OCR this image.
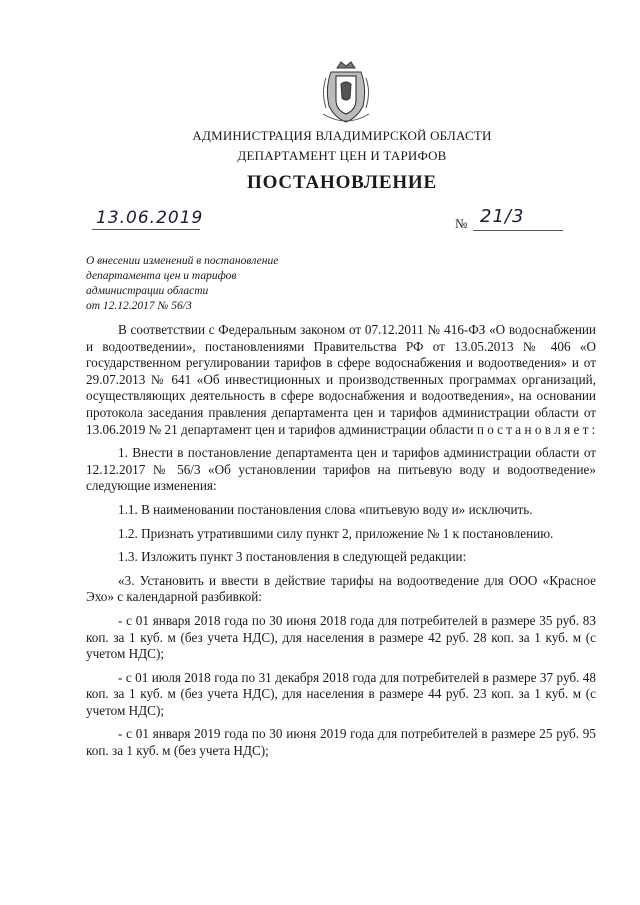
АДМИНИСТРАЦИЯ ВЛАДИМИРСКОЙ ОБЛАСТИ
ДЕПАРТАМЕНТ ЦЕН И ТАРИФОВ
ПОСТАНОВЛЕНИЕ
13.06.2019	№ 21/3
О внесении изменений в постановление
департамента цен и тарифов
администрации области
от 12.12.2017 № 56/3

В соответствии с Федеральным законом от 07.12.2011 № 416-ФЗ «О водоснабжении и водоотведении», постановлениями Правительства РФ от 13.05.2013 № 406 «О государственном регулировании тарифов в сфере водоснабжения и водоотведения» и от 29.07.2013 № 641 «Об инвестиционных и производственных программах организаций, осуществляющих деятельность в сфере водоснабжения и водоотведения», на основании протокола заседания правления департамента цен и тарифов администрации области от 13.06.2019 № 21 департамент цен и тарифов администрации области п о с т а н о в л я е т :

1. Внести в постановление департамента цен и тарифов администрации области от 12.12.2017 № 56/3 «Об установлении тарифов на питьевую воду и водоотведение» следующие изменения:

1.1. В наименовании постановления слова «питьевую воду и» исключить.

1.2. Признать утратившими силу пункт 2, приложение № 1 к постановлению.

1.3. Изложить пункт 3 постановления в следующей редакции:

«3. Установить и ввести в действие тарифы на водоотведение для ООО «Красное Эхо» с календарной разбивкой:

- с 01 января 2018 года по 30 июня 2018 года для потребителей в размере 35 руб. 83 коп. за 1 куб. м (без учета НДС), для населения в размере 42 руб. 28 коп. за 1 куб. м (с учетом НДС);

- с 01 июля 2018 года по 31 декабря 2018 года для потребителей в размере 37 руб. 48 коп. за 1 куб. м (без учета НДС), для населения в размере 44 руб. 23 коп. за 1 куб. м (с учетом НДС);

- с 01 января 2019 года по 30 июня 2019 года для потребителей в размере 25 руб. 95 коп. за 1 куб. м (без учета НДС);
